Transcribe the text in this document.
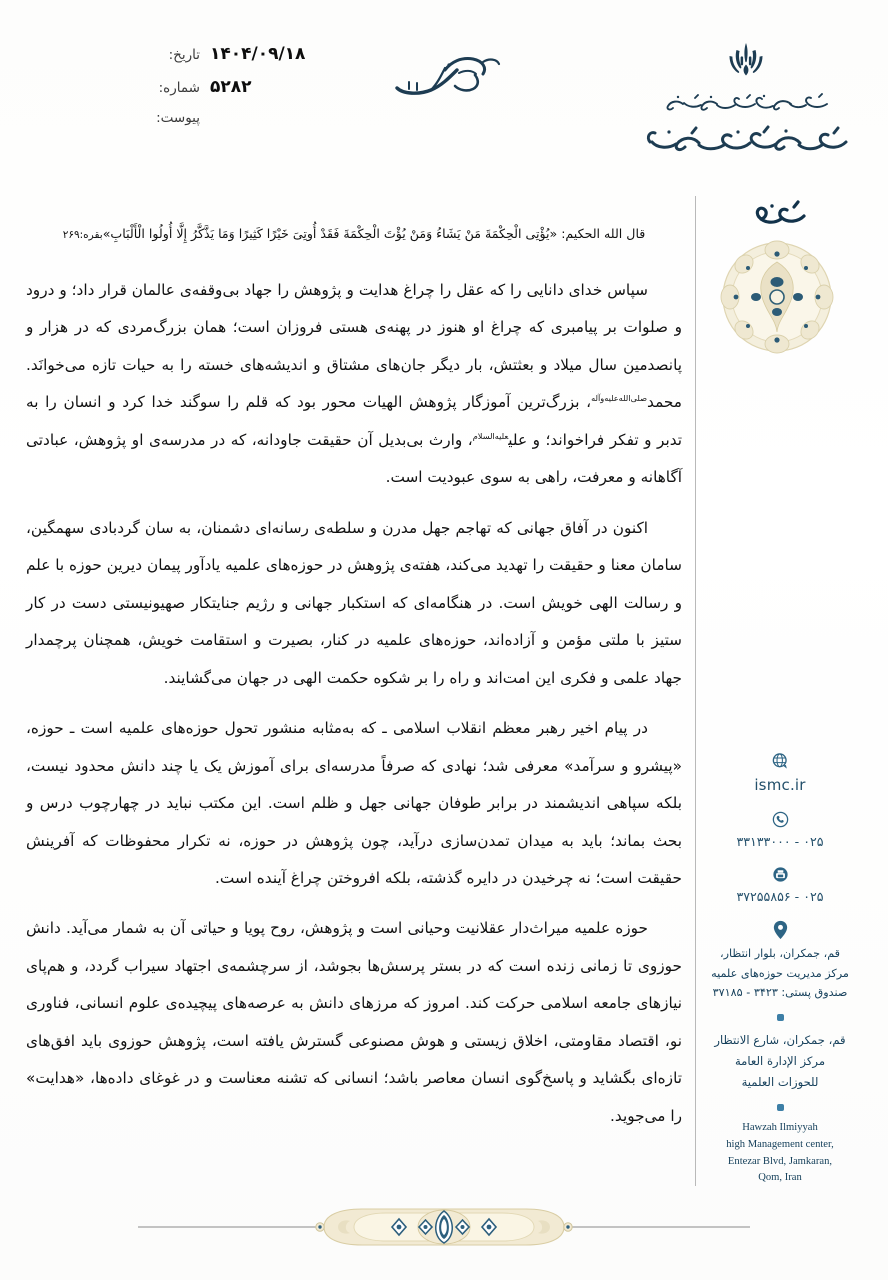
تاریخ: ۱۴۰۴/۰۹/۱۸
شماره: ۵۲۸۲
پیوست:
قال الله الحکیم: «یُؤْتِی الْحِکْمَةَ مَنْ یَشَاءُ وَمَنْ یُؤْتَ الْحِکْمَةَ فَقَدْ أُوتِیَ خَیْرًا کَثِیرًا وَمَا یَذَّکَّرُ إِلَّا أُولُوا الْأَلْبَابِ»بقره:۲۶۹
سپاس خدای دانایی را که عقل را چراغ هدایت و پژوهش را جهاد بی‌وقفه‌ی عالمان قرار داد؛ و درود و صلوات بر پیامبری که چراغ او هنوز در پهنه‌ی هستی فروزان است؛ همان بزرگ‌مردی که در هزار و پانصدمین سال میلاد و بعثتش، بار دیگر جان‌های مشتاق و اندیشه‌های خسته را به حیات تازه می‌خوانَد. محمد$^{صلی‌الله‌علیه‌وآله}$، بزرگ‌ترین آموزگار پژوهش الهیات محور بود که قلم را سوگند خدا کرد و انسان را به تدبر و تفکر فراخواند؛ و علی$^{علیه‌السلام}$، وارث بی‌بدیل آن حقیقت جاودانه، که در مدرسه‌ی او پژوهش، عبادتی آگاهانه و معرفت، راهی به سوی عبودیت است.
اکنون در آفاق جهانی که تهاجم جهل مدرن و سلطه‌ی رسانه‌ای دشمنان، به سان گردبادی سهمگین، سامان معنا و حقیقت را تهدید می‌کند، هفته‌ی پژوهش در حوزه‌های علمیه یادآور پیمان دیرین حوزه با علم و رسالت الهی خویش است. در هنگامه‌ای که استکبار جهانی و رژیم جنایتکار صهیونیستی دست در کار ستیز با ملتی مؤمن و آزاده‌اند، حوزه‌های علمیه در کنار، بصیرت و استقامت خویش، همچنان پرچمدار جهاد علمی و فکری این امت‌اند و راه را بر شکوه حکمت الهی در جهان می‌گشایند.
در پیام اخیر رهبر معظم انقلاب اسلامی ـ که به‌مثابه منشور تحول حوزه‌های علمیه است ـ حوزه، «پیشرو و سرآمد» معرفی شد؛ نهادی که صرفاً مدرسه‌ای برای آموزش یک یا چند دانش محدود نیست، بلکه سپاهی اندیشمند در برابر طوفان جهانی جهل و ظلم است. این مکتب نباید در چهارچوب درس و بحث بماند؛ باید به میدان تمدن‌سازی درآید، چون پژوهش در حوزه، نه تکرار محفوظات که آفرینش حقیقت است؛ نه چرخیدن در دایره گذشته، بلکه افروختن چراغ آینده است.
حوزه علمیه میراث‌دار عقلانیت وحیانی است و پژوهش، روح پویا و حیاتی آن به شمار می‌آید. دانش حوزوی تا زمانی زنده است که در بستر پرسش‌ها بجوشد، از سرچشمه‌ی اجتهاد سیراب گردد، و هم‌پای نیازهای جامعه اسلامی حرکت کند. امروز که مرزهای دانش به عرصه‌های پیچیده‌ی علوم انسانی، فناوری نو، اقتصاد مقاومتی، اخلاق زیستی و هوش مصنوعی گسترش یافته است، پژوهش حوزوی باید افق‌های تازه‌ای بگشاید و پاسخ‌گوی انسان معاصر باشد؛ انسانی که تشنه معناست و در غوغای داده‌ها، «هدایت» را می‌جوید.
ismc.ir
۰۲۵ - ۳۳۱۳۳۰۰۰
۰۲۵ - ۳۷۲۵۵۸۵۶
قم، جمکران، بلوار انتظار،
مرکز مدیریت حوزه‌های علمیه
صندوق پستی: ۳۴۲۳ - ۳۷۱۸۵
قم، جمکران، شارع الانتظار
مركز الإدارة العامة
للحوزات العلمية
Hawzah Ilmiyyah
high Management center,
Entezar Blvd, Jamkaran,
Qom, Iran
